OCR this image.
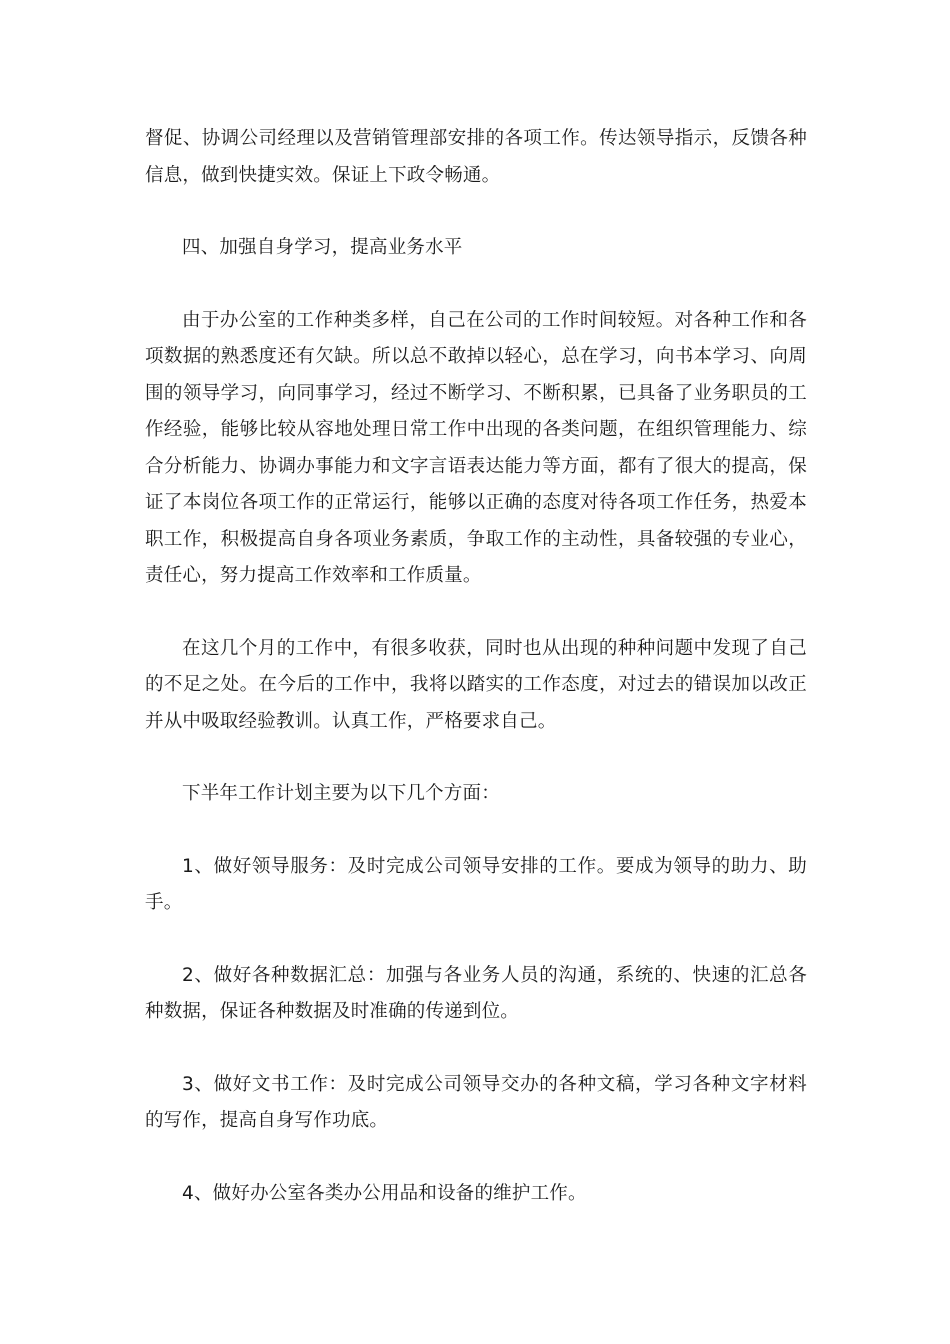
督促、协调公司经理以及营销管理部安排的各项工作。传达领导指示，反馈各种信息，做到快捷实效。保证上下政令畅通。

四、加强自身学习，提高业务水平

由于办公室的工作种类多样，自己在公司的工作时间较短。对各种工作和各项数据的熟悉度还有欠缺。所以总不敢掉以轻心，总在学习，向书本学习、向周围的领导学习，向同事学习，经过不断学习、不断积累，已具备了业务职员的工作经验，能够比较从容地处理日常工作中出现的各类问题，在组织管理能力、综合分析能力、协调办事能力和文字言语表达能力等方面，都有了很大的提高，保证了本岗位各项工作的正常运行，能够以正确的态度对待各项工作任务，热爱本职工作，积极提高自身各项业务素质，争取工作的主动性，具备较强的专业心，责任心，努力提高工作效率和工作质量。

在这几个月的工作中，有很多收获，同时也从出现的种种问题中发现了自己的不足之处。在今后的工作中，我将以踏实的工作态度，对过去的错误加以改正并从中吸取经验教训。认真工作，严格要求自己。

下半年工作计划主要为以下几个方面：

1、做好领导服务：及时完成公司领导安排的工作。要成为领导的助力、助手。

2、做好各种数据汇总：加强与各业务人员的沟通，系统的、快速的汇总各种数据，保证各种数据及时准确的传递到位。

3、做好文书工作：及时完成公司领导交办的各种文稿，学习各种文字材料的写作，提高自身写作功底。

4、做好办公室各类办公用品和设备的维护工作。
